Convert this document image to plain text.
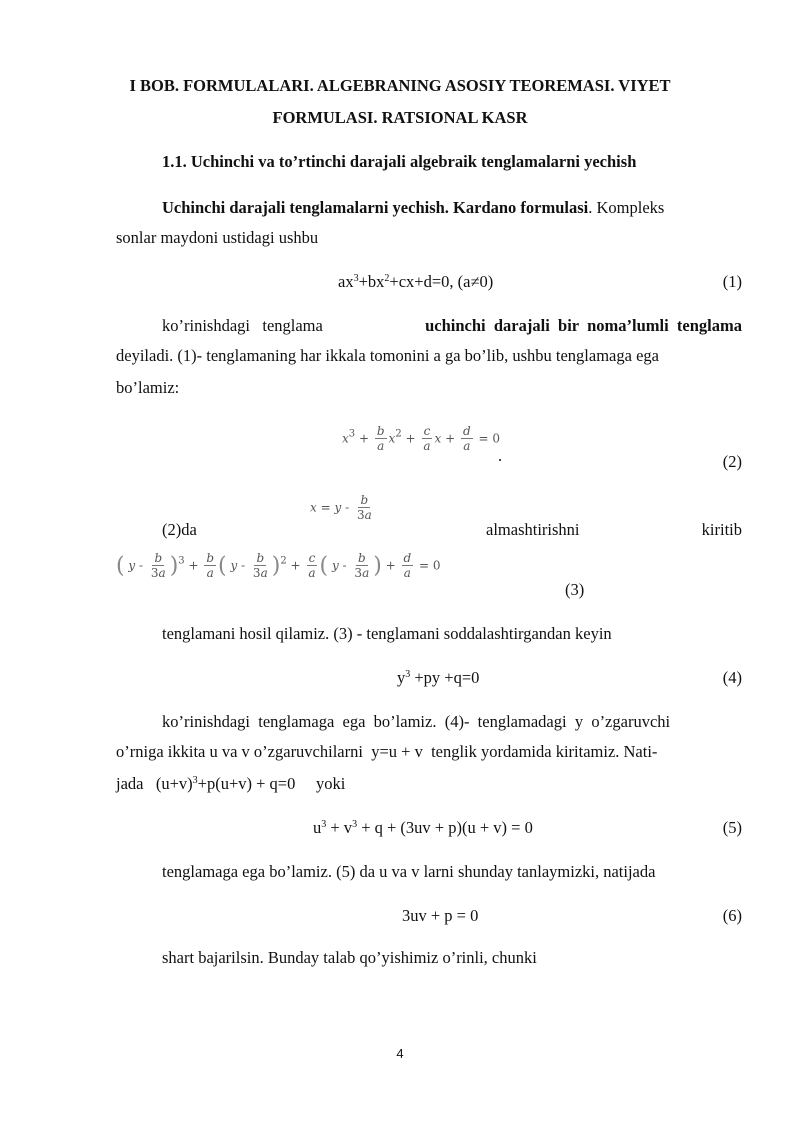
I BOB. FORMULALARI. ALGEBRANING ASOSIY TEOREMASI. VIYET
FORMULASI. RATSIONAL KASR
1.1. Uchinchi va to’rtinchi darajali algebraik tenglamalarni yechish
Uchinchi darajali tenglamalarni yechish. Kardano formulasi. Kompleks
sonlar maydoni ustidagi ushbu
$ax^3+bx^2+cx+d=0$, (a≠0)	(1)
ko’rinishdagi   tenglama	uchinchi  darajali  bir  noma’lumli  tenglama
deyiladi. (1)- tenglamaning har ikkala tomonini a ga bo’lib, ushbu tenglamaga ega
bo’lamiz:
$x^3 + \frac{b}{a} x^2 + \frac{c}{a}$ $x + \frac{d}{a} = 0$
.	(2)
$x = y - \frac{b}{3a}$
(2)da	almashtirishni	kiritib
( $y - \frac{b}{3a} )^3 + \frac{b}{a}$ ( $y - \frac{b}{3a} )^2 + \frac{c}{a}$ ( y - $\frac{b}{3a}$ ) + $\frac{d}{a} = 0$
(3)
tenglamani hosil qilamiz. (3) - tenglamani soddalashtirgandan keyin
$y^3 +py +q=0$	(4)
ko’rinishdagi  tenglamaga  ega  bo’lamiz.  (4)-  tenglamadagi  y  o’zgaruvchi
o’rniga ikkita u va v o’zgaruvchilarni  y=u + v  tenglik yordamida kiritamiz. Nati-
jada   $(u+v)^3+p(u+v) + q=0$     yoki
$u^3 + v^3 + q + (3uv + p)(u + v) = 0$	(5)
tenglamaga ega bo’lamiz. (5) da u va v larni shunday tanlaymizki, natijada
3uv + p = 0	(6)
shart bajarilsin. Bunday talab qo’yishimiz o’rinli, chunki
4
